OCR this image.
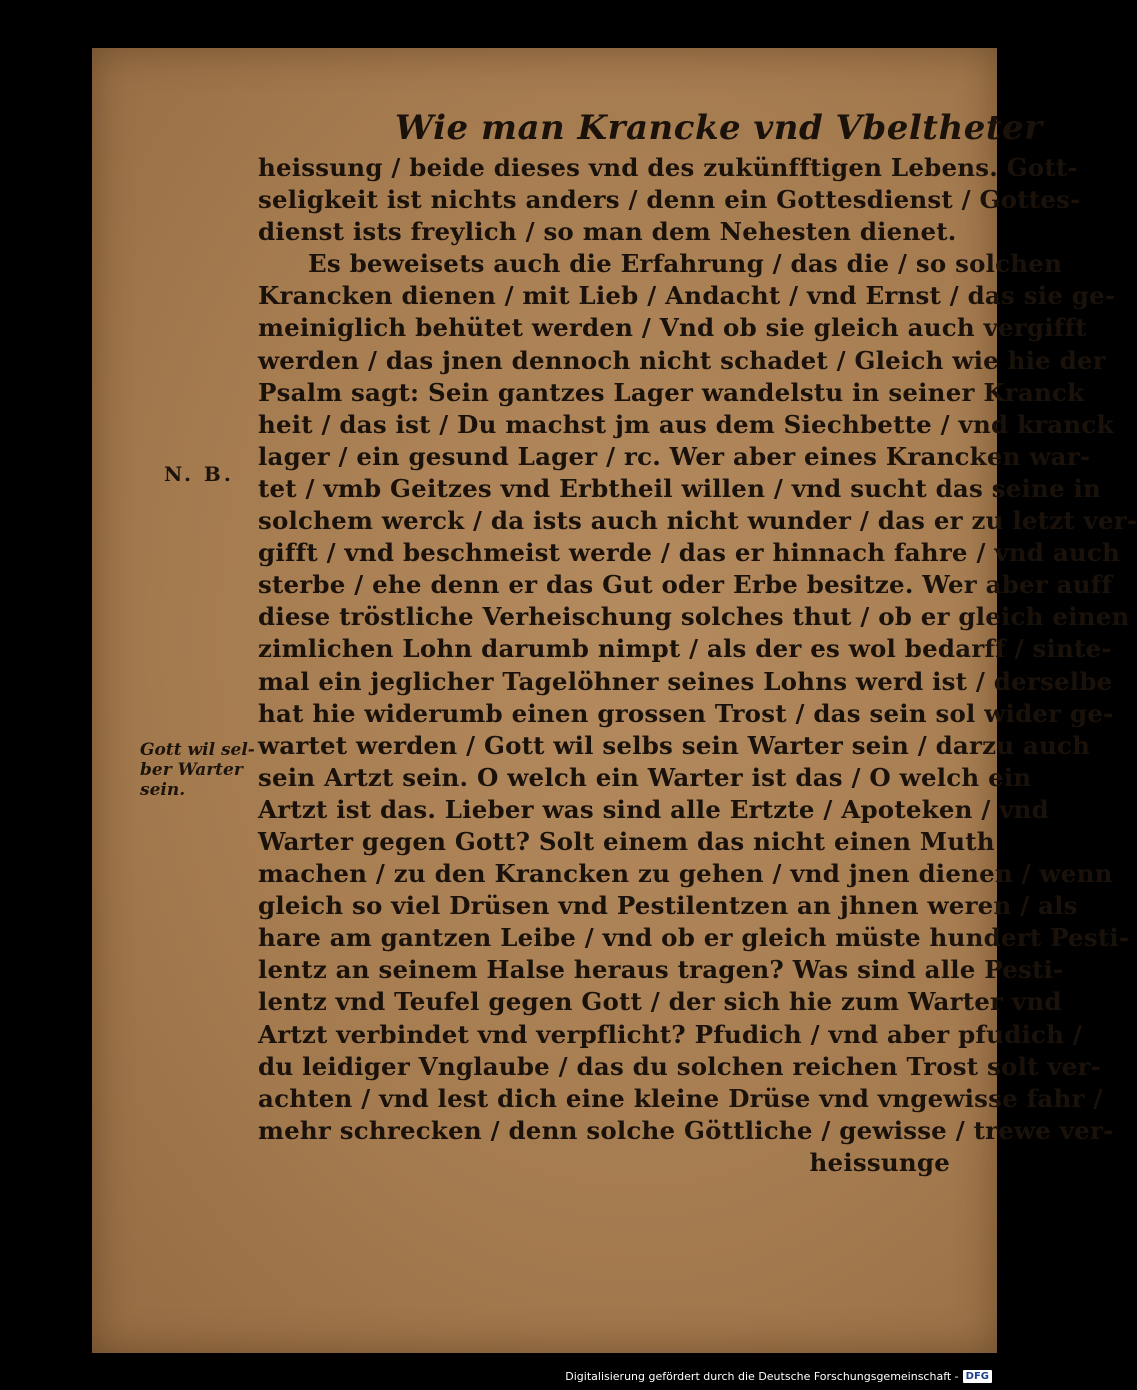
Wie man Krancke vnd Vbeltheter
heissung / beide dieses vnd des zukünfftigen Lebens. Gott-
seligkeit ist nichts anders / denn ein Gottesdienst / Gottes-
dienst ists freylich / so man dem Nehesten dienet.
Es beweisets auch die Erfahrung / das die / so solchen
Krancken dienen / mit Lieb / Andacht / vnd Ernst / das sie ge-
meiniglich behütet werden / Vnd ob sie gleich auch vergifft
werden / das jnen dennoch nicht schadet / Gleich wie hie der
Psalm sagt: Sein gantzes Lager wandelstu in seiner Kranck
heit / das ist / Du machst jm aus dem Siechbette / vnd kranck
lager / ein gesund Lager / rc. Wer aber eines Krancken war-
tet / vmb Geitzes vnd Erbtheil willen / vnd sucht das seine in
solchem werck / da ists auch nicht wunder / das er zu letzt ver-
gifft / vnd beschmeist werde / das er hinnach fahre / vnd auch
sterbe / ehe denn er das Gut oder Erbe besitze. Wer aber auff
diese tröstliche Verheischung solches thut / ob er gleich einen
zimlichen Lohn darumb nimpt / als der es wol bedarff / sinte-
mal ein jeglicher Tagelöhner seines Lohns werd ist / derselbe
hat hie widerumb einen grossen Trost / das sein sol wider ge-
wartet werden / Gott wil selbs sein Warter sein / darzu auch
sein Artzt sein. O welch ein Warter ist das / O welch ein
Artzt ist das. Lieber was sind alle Ertzte / Apoteken / vnd
Warter gegen Gott? Solt einem das nicht einen Muth
machen / zu den Krancken zu gehen / vnd jnen dienen / wenn
gleich so viel Drüsen vnd Pestilentzen an jhnen weren / als
hare am gantzen Leibe / vnd ob er gleich müste hundert Pesti-
lentz an seinem Halse heraus tragen? Was sind alle Pesti-
lentz vnd Teufel gegen Gott / der sich hie zum Warter vnd
Artzt verbindet vnd verpflicht? Pfudich / vnd aber pfudich /
du leidiger Vnglaube / das du solchen reichen Trost solt ver-
achten / vnd lest dich eine kleine Drüse vnd vngewisse fahr /
mehr schrecken / denn solche Göttliche / gewisse / trewe ver-
heissunge
N. B.
Gott wil sel-
ber Warter
sein.
Digitalisierung gefördert durch die Deutsche Forschungsgemeinschaft - DFG
